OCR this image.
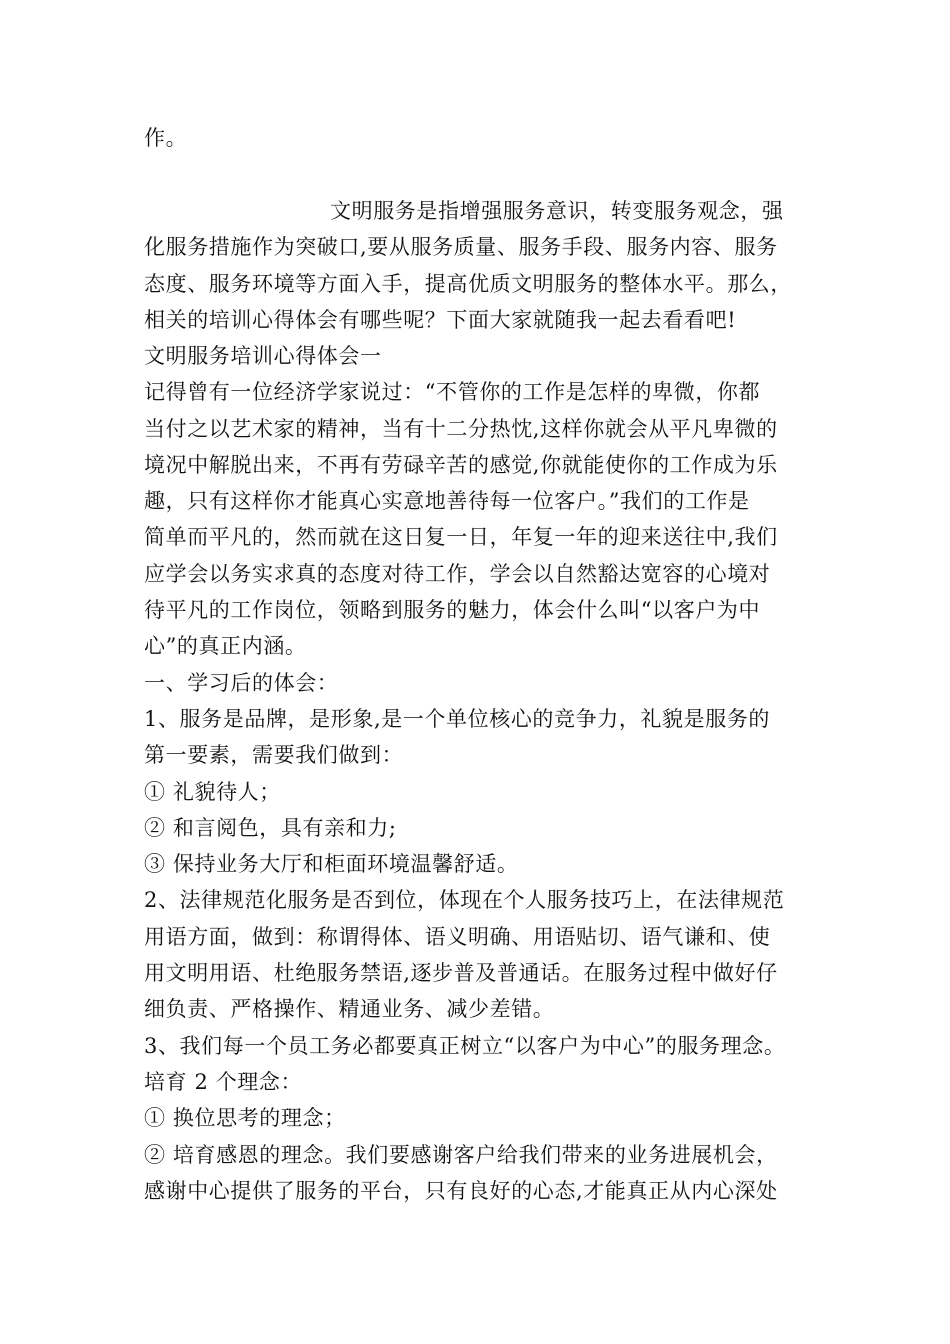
作。
文明服务是指增强服务意识，转变服务观念，强
化服务措施作为突破口,要从服务质量、服务手段、服务内容、服务
态度、服务环境等方面入手，提高优质文明服务的整体水平。那么，
相关的培训心得体会有哪些呢？下面大家就随我一起去看看吧!
文明服务培训心得体会一
记得曾有一位经济学家说过：“不管你的工作是怎样的卑微，你都
当付之以艺术家的精神，当有十二分热忱,这样你就会从平凡卑微的
境况中解脱出来，不再有劳碌辛苦的感觉,你就能使你的工作成为乐
趣，只有这样你才能真心实意地善待每一位客户。”我们的工作是
简单而平凡的，然而就在这日复一日，年复一年的迎来送往中,我们
应学会以务实求真的态度对待工作，学会以自然豁达宽容的心境对
待平凡的工作岗位，领略到服务的魅力，体会什么叫“以客户为中
心”的真正内涵。
一、学习后的体会：
1、服务是品牌，是形象,是一个单位核心的竞争力，礼貌是服务的
第一要素，需要我们做到：
① 礼貌待人；
② 和言阅色，具有亲和力;
③ 保持业务大厅和柜面环境温馨舒适。
2、法律规范化服务是否到位，体现在个人服务技巧上，在法律规范
用语方面，做到：称谓得体、语义明确、用语贴切、语气谦和、使
用文明用语、杜绝服务禁语,逐步普及普通话。在服务过程中做好仔
细负责、严格操作、精通业务、减少差错。
3、我们每一个员工务必都要真正树立“以客户为中心”的服务理念。
培育 2 个理念：
① 换位思考的理念；
② 培育感恩的理念。我们要感谢客户给我们带来的业务进展机会，
感谢中心提供了服务的平台，只有良好的心态,才能真正从内心深处
